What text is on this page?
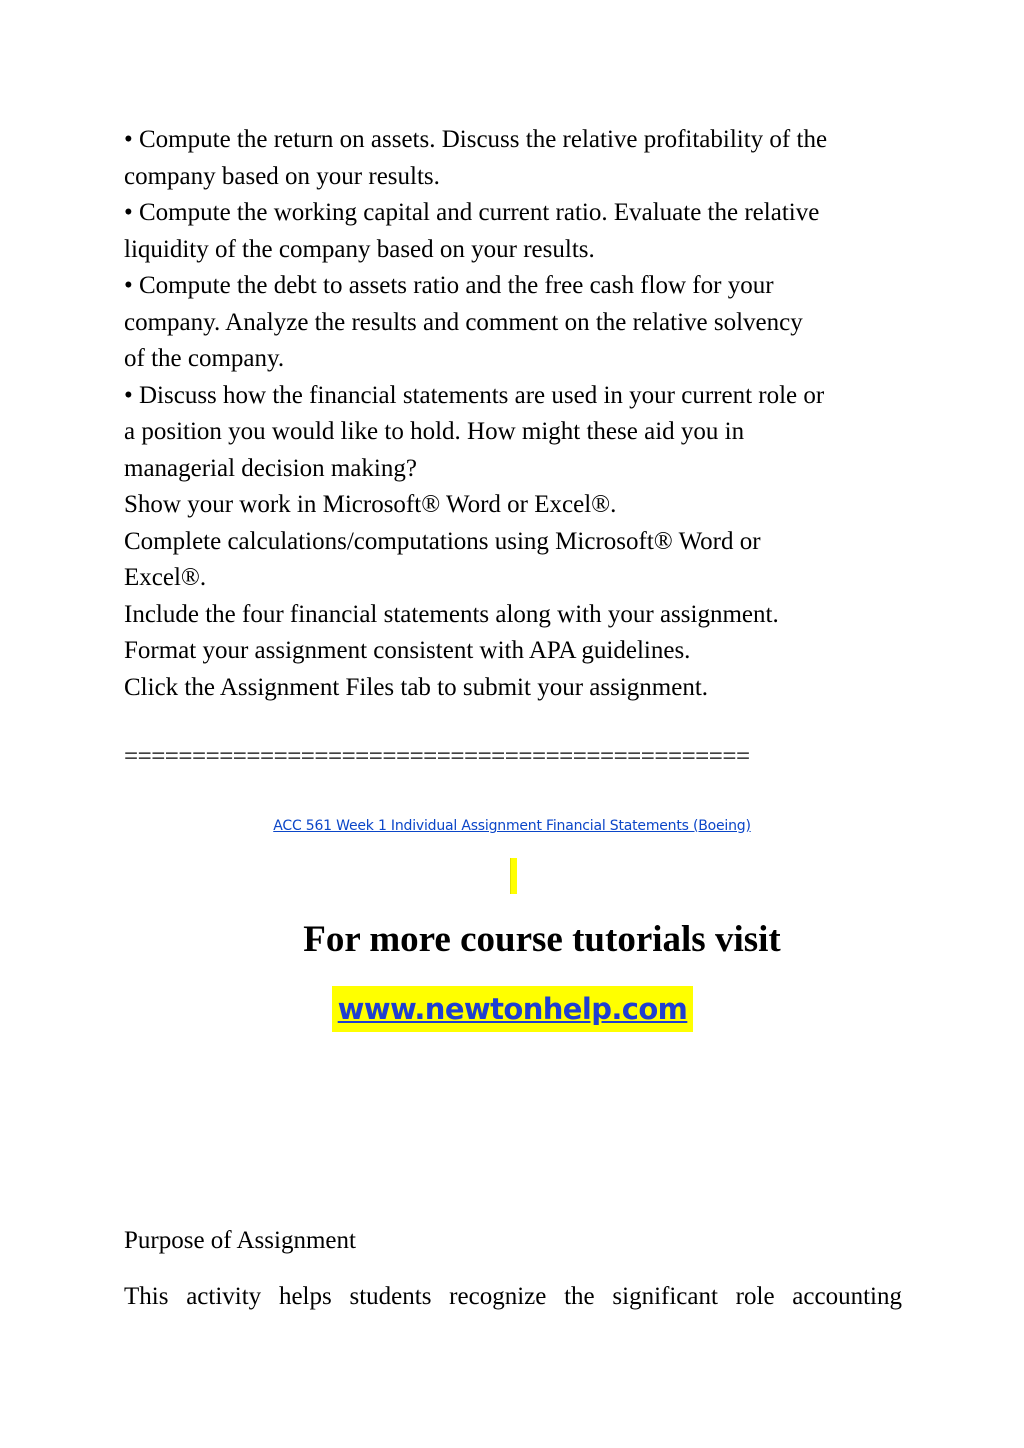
• Compute the return on assets. Discuss the relative profitability of the
company based on your results.
• Compute the working capital and current ratio. Evaluate the relative
liquidity of the company based on your results.
• Compute the debt to assets ratio and the free cash flow for your
company. Analyze the results and comment on the relative solvency
of the company.
• Discuss how the financial statements are used in your current role or
a position you would like to hold. How might these aid you in
managerial decision making?
Show your work in Microsoft® Word or Excel®.
Complete calculations/computations using Microsoft® Word or
Excel®.
Include the four financial statements along with your assignment.
Format your assignment consistent with APA guidelines.
Click the Assignment Files tab to submit your assignment.
==============================================
ACC 561 Week 1 Individual Assignment Financial Statements (Boeing)
For more course tutorials visit
www.newtonhelp.com
Purpose of Assignment
This activity helps students recognize the significant role accounting
